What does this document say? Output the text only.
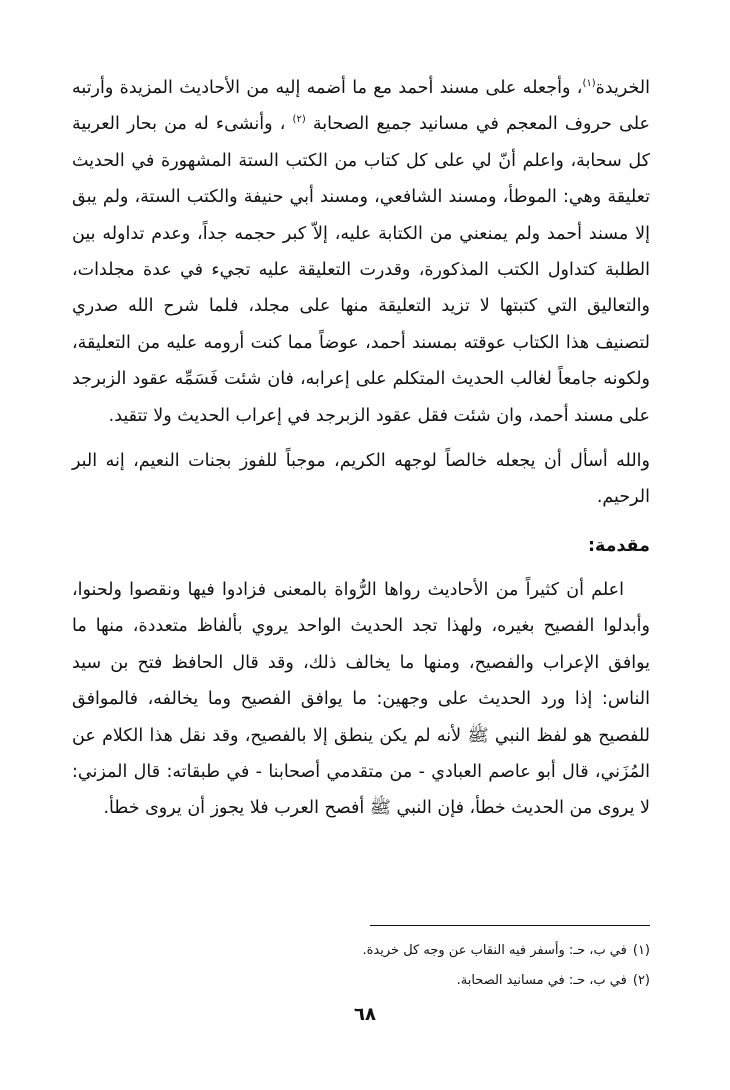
الخريدة$^{(١)}$، وأجعله على مسند أحمد مع ما أضمه إليه من الأحاديث المزيدة وأرتبه على حروف المعجم في مسانيد جميع الصحابة $^{(٢)}$ ، وأنشىء له من بحار العربية كل سحابة، واعلم أنّ لي على كل كتاب من الكتب الستة المشهورة في الحديث تعليقة وهي: الموطأ، ومسند الشافعي، ومسند أبي حنيفة والكتب الستة، ولم يبق إلا مسند أحمد ولم يمنعني من الكتابة عليه، إلاّ كبر حجمه جداً، وعدم تداوله بين الطلبة كتداول الكتب المذكورة، وقدرت التعليقة عليه تجيء في عدة مجلدات، والتعاليق التي كتبتها لا تزيد التعليقة منها على مجلد، فلما شرح الله صدري لتصنيف هذا الكتاب عوقته بمسند أحمد، عوضاً مما كنت أرومه عليه من التعليقة، ولكونه جامعاً لغالب الحديث المتكلم على إعرابه، فان شئت فَسَمِّه عقود الزبرجد على مسند أحمد، وان شئت فقل عقود الزبرجد في إعراب الحديث ولا تتقيد.

والله أسأل أن يجعله خالصاً لوجهه الكريم، موجباً للفوز بجنات النعيم، إنه البر الرحيم.

مقدمة:

اعلم أن كثيراً من الأحاديث رواها الرُّواة بالمعنى فزادوا فيها ونقصوا ولحنوا، وأبدلوا الفصيح بغيره، ولهذا تجد الحديث الواحد يروي بألفاظ متعددة، منها ما يوافق الإعراب والفصيح، ومنها ما يخالف ذلك، وقد قال الحافظ فتح بن سيد الناس: إذا ورد الحديث على وجهين: ما يوافق الفصيح وما يخالفه، فالموافق للفصيح هو لفظ النبي ﷺ لأنه لم يكن ينطق إلا بالفصيح، وقد نقل هذا الكلام عن المُزَني، قال أبو عاصم العبادي - من متقدمي أصحابنا - في طبقاته: قال المزني: لا يروى من الحديث خطأ، فإن النبي ﷺ أفصح العرب فلا يجوز أن يروى خطأ.

(١)في ب، حـ: وأسفر فيه النقاب عن وجه كل خريدة.

(٢)في ب، حـ: في مسانيد الصحابة.

٦٨
